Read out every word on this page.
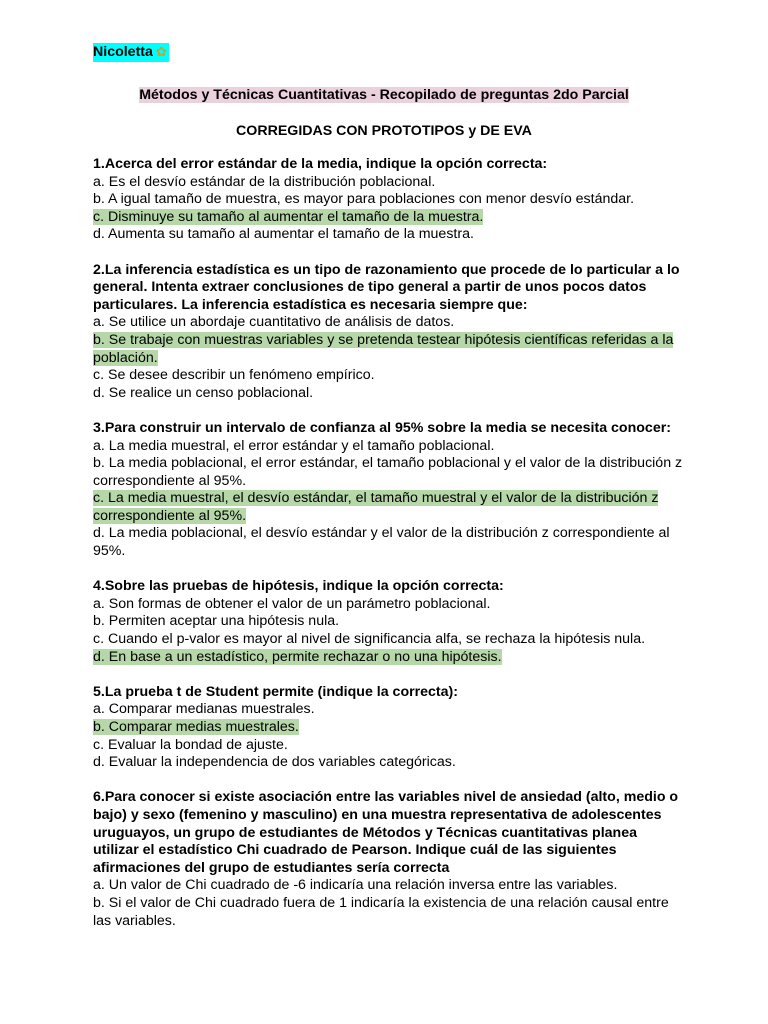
Nicoletta ✿
Métodos y Técnicas Cuantitativas - Recopilado de preguntas 2do Parcial
CORREGIDAS CON PROTOTIPOS y DE EVA
1.Acerca del error estándar de la media, indique la opción correcta:
a. Es el desvío estándar de la distribución poblacional.
b. A igual tamaño de muestra, es mayor para poblaciones con menor desvío estándar.
c. Disminuye su tamaño al aumentar el tamaño de la muestra.
d. Aumenta su tamaño al aumentar el tamaño de la muestra.
2.La inferencia estadística es un tipo de razonamiento que procede de lo particular a lo general. Intenta extraer conclusiones de tipo general a partir de unos pocos datos particulares. La inferencia estadística es necesaria siempre que:
a. Se utilice un abordaje cuantitativo de análisis de datos.
b. Se trabaje con muestras variables y se pretenda testear hipótesis científicas referidas a la población.
c. Se desee describir un fenómeno empírico.
d. Se realice un censo poblacional.
3.Para construir un intervalo de confianza al 95% sobre la media se necesita conocer:
a. La media muestral, el error estándar y el tamaño poblacional.
b. La media poblacional, el error estándar, el tamaño poblacional y el valor de la distribución z correspondiente al 95%.
c. La media muestral, el desvío estándar, el tamaño muestral y el valor de la distribución z correspondiente al 95%.
d. La media poblacional, el desvío estándar y el valor de la distribución z correspondiente al 95%.
4.Sobre las pruebas de hipótesis, indique la opción correcta:
a. Son formas de obtener el valor de un parámetro poblacional.
b. Permiten aceptar una hipótesis nula.
c. Cuando el p-valor es mayor al nivel de significancia alfa, se rechaza la hipótesis nula.
d. En base a un estadístico, permite rechazar o no una hipótesis.
5.La prueba t de Student permite (indique la correcta):
a. Comparar medianas muestrales.
b. Comparar medias muestrales.
c. Evaluar la bondad de ajuste.
d. Evaluar la independencia de dos variables categóricas.
6.Para conocer si existe asociación entre las variables nivel de ansiedad (alto, medio o bajo) y sexo (femenino y masculino) en una muestra representativa de adolescentes uruguayos, un grupo de estudiantes de Métodos y Técnicas cuantitativas planea utilizar el estadístico Chi cuadrado de Pearson. Indique cuál de las siguientes afirmaciones del grupo de estudiantes sería correcta
a. Un valor de Chi cuadrado de -6 indicaría una relación inversa entre las variables.
b. Si el valor de Chi cuadrado fuera de 1 indicaría la existencia de una relación causal entre las variables.
